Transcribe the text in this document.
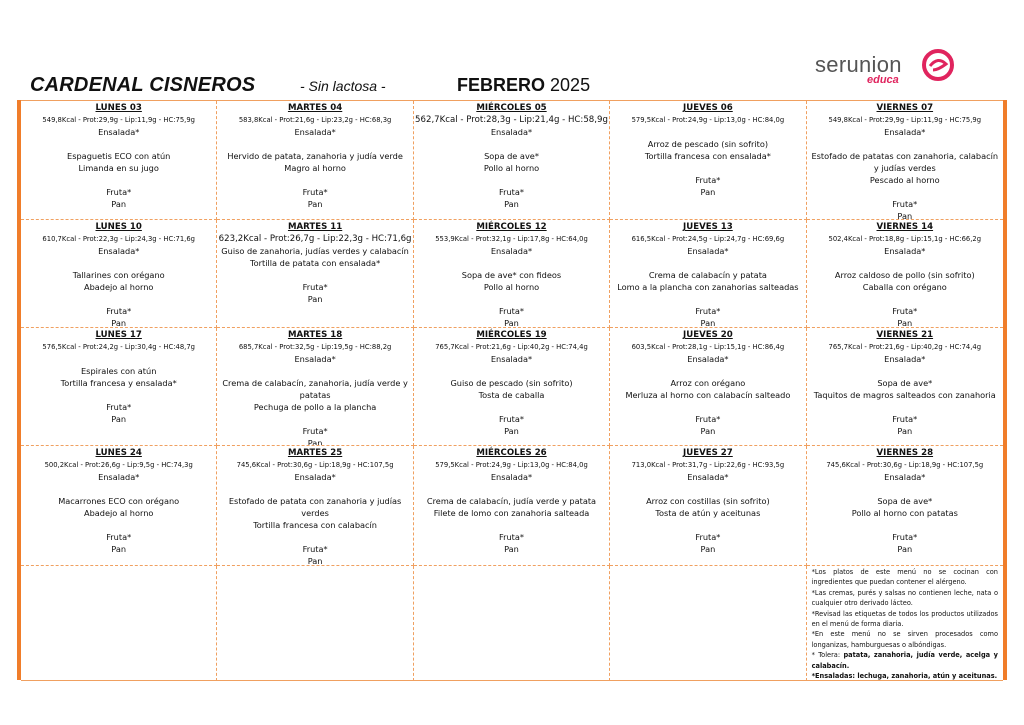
CARDENAL CISNEROS	- Sin lactosa -	FEBRERO 2025
serunion
educa
LUNES 03
549,8Kcal - Prot:29,9g - Lip:11,9g - HC:75,9g
Ensalada*
Espaguetis ECO con atún
Limanda en su jugo
Fruta*
Pan
MARTES 04
583,8Kcal - Prot:21,6g - Lip:23,2g - HC:68,3g
Ensalada*
Hervido de patata, zanahoria y judía verde
Magro al horno
Fruta*
Pan
MIÉRCOLES 05
562,7Kcal - Prot:28,3g - Lip:21,4g - HC:58,9g
Ensalada*
Sopa de ave*
Pollo al horno
Fruta*
Pan
JUEVES 06
579,5Kcal - Prot:24,9g - Lip:13,0g - HC:84,0g
Arroz de pescado (sin sofrito)
Tortilla francesa con ensalada*
Fruta*
Pan
VIERNES 07
549,8Kcal - Prot:29,9g - Lip:11,9g - HC:75,9g
Ensalada*
Estofado de patatas con zanahoria, calabacín
y judías verdes
Pescado al horno
Fruta*
Pan
LUNES 10
610,7Kcal - Prot:22,3g - Lip:24,3g - HC:71,6g
Ensalada*
Tallarines con orégano
Abadejo al horno
Fruta*
Pan
MARTES 11
623,2Kcal - Prot:26,7g - Lip:22,3g - HC:71,6g
Guiso de zanahoria, judías verdes y calabacín
Tortilla de patata con ensalada*
Fruta*
Pan
MIÉRCOLES 12
553,9Kcal - Prot:32,1g - Lip:17,8g - HC:64,0g
Ensalada*
Sopa de ave* con fideos
Pollo al horno
Fruta*
Pan
JUEVES 13
616,5Kcal - Prot:24,5g - Lip:24,7g - HC:69,6g
Ensalada*
Crema de calabacín y patata
Lomo a la plancha con zanahorias salteadas
Fruta*
Pan
VIERNES 14
502,4Kcal - Prot:18,8g - Lip:15,1g - HC:66,2g
Ensalada*
Arroz caldoso de pollo (sin sofrito)
Caballa con orégano
Fruta*
Pan
LUNES 17
576,5Kcal - Prot:24,2g - Lip:30,4g - HC:48,7g
Espirales con atún
Tortilla francesa y ensalada*
Fruta*
Pan
MARTES 18
685,7Kcal - Prot:32,5g - Lip:19,5g - HC:88,2g
Ensalada*
Crema de calabacín, zanahoria, judía verde y
patatas
Pechuga de pollo a la plancha
Fruta*
Pan
MIÉRCOLES 19
765,7Kcal - Prot:21,6g - Lip:40,2g - HC:74,4g
Ensalada*
Guiso de pescado (sin sofrito)
Tosta de caballa
Fruta*
Pan
JUEVES 20
603,5Kcal - Prot:28,1g - Lip:15,1g - HC:86,4g
Ensalada*
Arroz con orégano
Merluza al horno con calabacín salteado
Fruta*
Pan
VIERNES 21
765,7Kcal - Prot:21,6g - Lip:40,2g - HC:74,4g
Ensalada*
Sopa de ave*
Taquitos de magros salteados con zanahoria
Fruta*
Pan
LUNES 24
500,2Kcal - Prot:26,6g - Lip:9,5g - HC:74,3g
Ensalada*
Macarrones ECO con orégano
Abadejo al horno
Fruta*
Pan
MARTES 25
745,6Kcal - Prot:30,6g - Lip:18,9g - HC:107,5g
Ensalada*
Estofado de patata con zanahoria y judías
verdes
Tortilla francesa con calabacín
Fruta*
Pan
MIÉRCOLES 26
579,5Kcal - Prot:24,9g - Lip:13,0g - HC:84,0g
Ensalada*
Crema de calabacín, judía verde y patata
Filete de lomo con zanahoria salteada
Fruta*
Pan
JUEVES 27
713,0Kcal - Prot:31,7g - Lip:22,6g - HC:93,5g
Ensalada*
Arroz con costillas (sin sofrito)
Tosta de atún y aceitunas
Fruta*
Pan
VIERNES 28
745,6Kcal - Prot:30,6g - Lip:18,9g - HC:107,5g
Ensalada*
Sopa de ave*
Pollo al horno con patatas
Fruta*
Pan

*Los platos de este menú no se cocinan con ingredientes que puedan contener el alérgeno.

*Las cremas, purés y salsas no contienen leche, nata o cualquier otro derivado lácteo.

*Revisad las etiquetas de todos los productos utilizados en el menú de forma diaria.

*En este menú no se sirven procesados como longanizas, hamburguesas o albóndigas.

* Tolera: patata, zanahoria, judía verde, acelga y calabacín.

*Ensaladas: lechuga, zanahoria, atún y aceitunas.
